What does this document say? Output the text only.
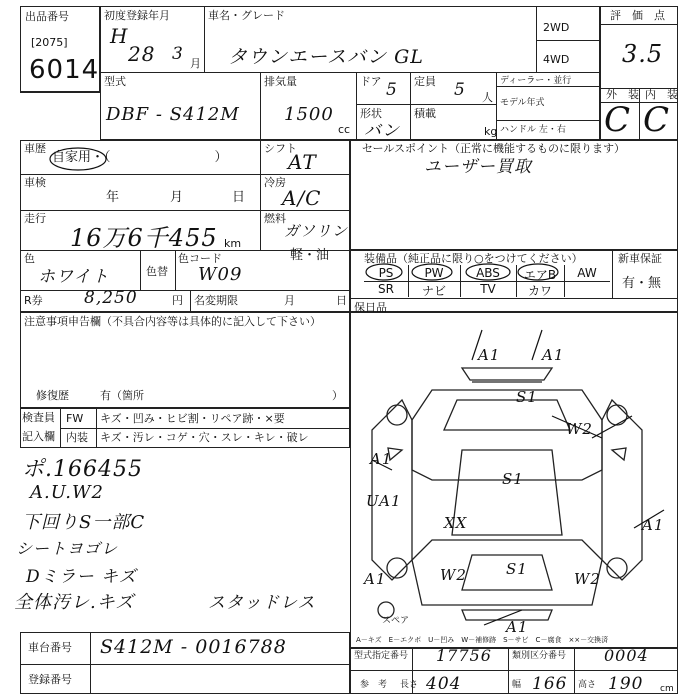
出品番号
[2075]
6014
初度登録年月
H
28 3 月
車名・グレード
タウンエースバン GL
2WD
4WD
評　価　点
3.5
外　装 内　装
C C
型式
DBF - S412M
排気量
1500
cc
ドア 5 定員 5 人
形状
バン
積載
kg
ディーラー・並行
モデル年式
ハンドル 左・右
車歴
自家用・（　　　　　　　　）
シフト
AT
車検
年	月	日
冷房
A/C
走行
16万6千455 km
燃料
ガソリン
軽・油
色
ホワイト	色替
色コード
W09
R券 8,250	円 名変期限	月	日
セールスポイント（正常に機能するものに限ります）
ユーザー買取
装備品（純正品に限り○をつけてください）	新車保証
有・無
PS	PW	ABS	エアB	AW
SR	ナビ	TV	カワ
保日品
注意事項申告欄（不具合内容等は具体的に記入して下さい）
修復歴	有（箇所	）
検査員
記入欄
FW キズ・凹み・ヒビ割・リペア跡・×要
内装 キズ・汚レ・コゲ・穴・スレ・キレ・破レ
ポ.166455
A.U.W2
下回りS一部C
シートヨゴレ
Dミラー キズ
全体汚レ.キズ	スタッドレス
A1	A1
S1
W2
A1
UA1
S1
XX	A1
A1	W2	S1
W2
A1
スペア
A－キズ　E－エクボ　U－凹み　W－補修跡　S－サビ　C－腐食　××－交換済
車台番号 S412M - 0016788
登録番号
型式指定番号 17756 類別区分番号 0004
参　考 長さ 404	幅 166 高さ 190 cm
